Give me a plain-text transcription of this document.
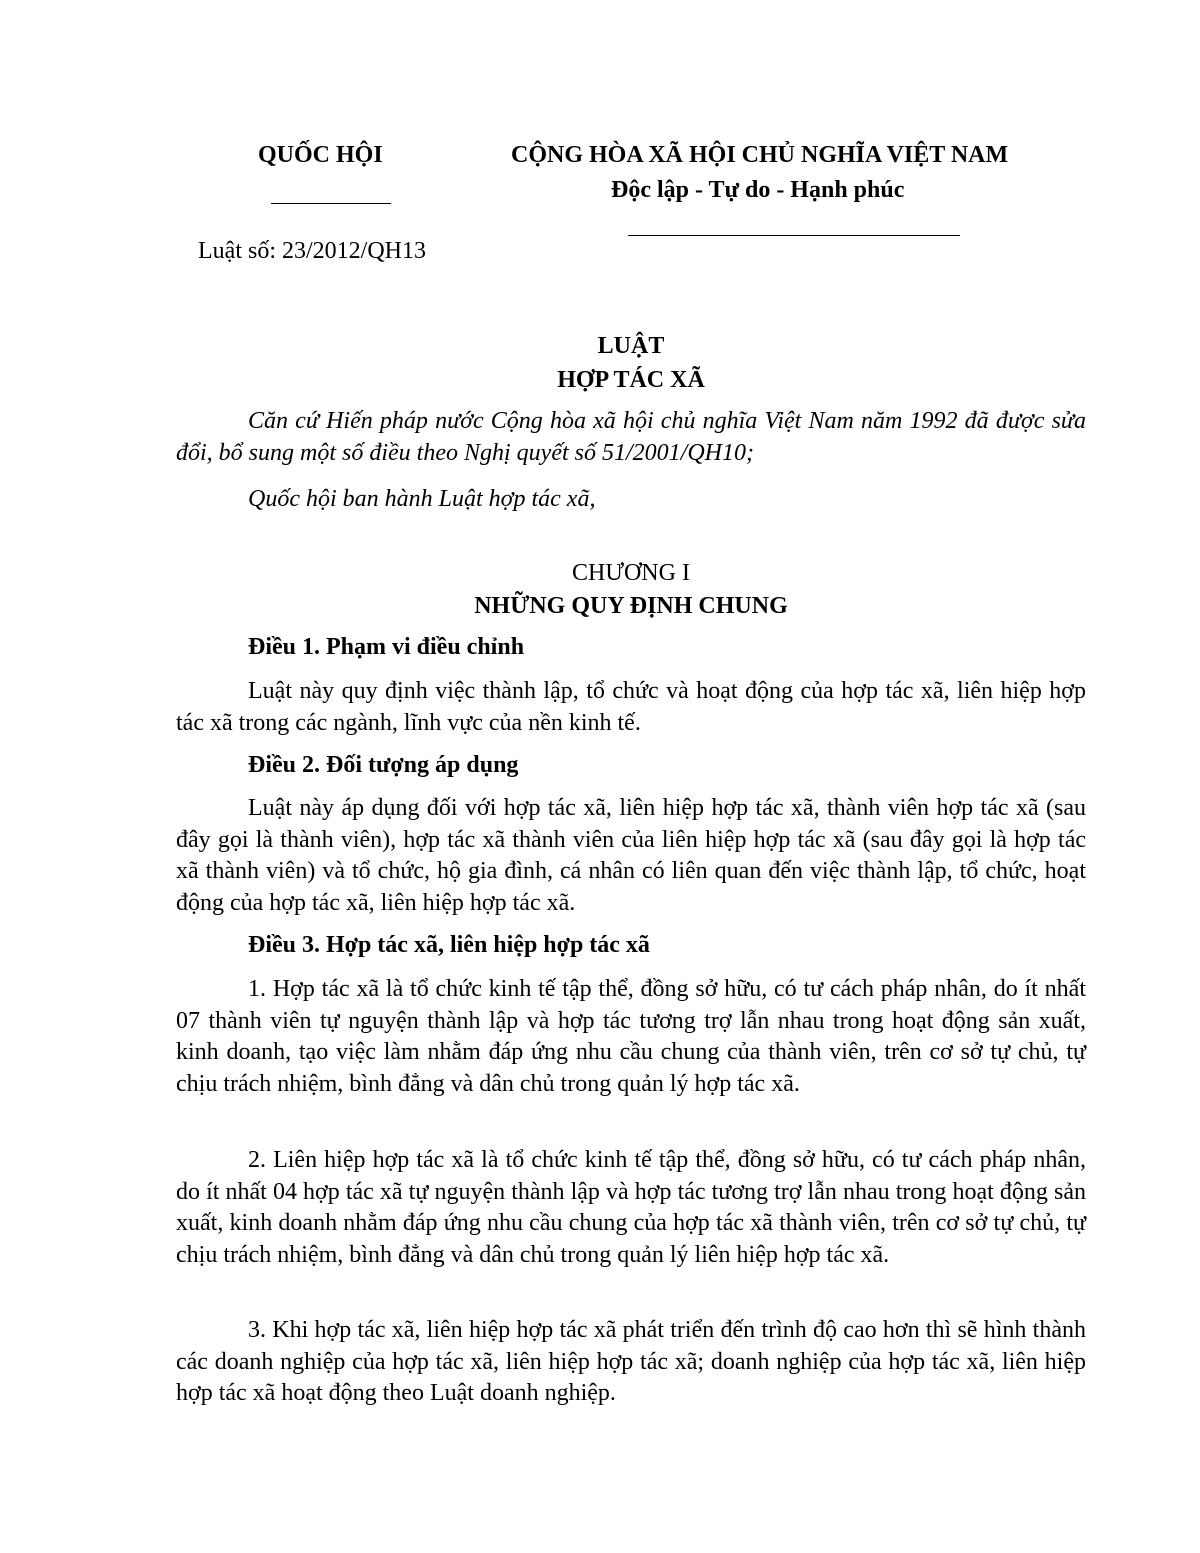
QUỐC HỘI
Luật số: 23/2012/QH13
CỘNG HÒA XÃ HỘI CHỦ NGHĨA VIỆT NAM
Độc lập - Tự do - Hạnh phúc
LUẬT
HỢP TÁC XÃ
Căn cứ Hiến pháp nước Cộng hòa xã hội chủ nghĩa Việt Nam năm 1992 đã được sửa đổi, bổ sung một số điều theo Nghị quyết số 51/2001/QH10;
Quốc hội ban hành Luật hợp tác xã,
CHƯƠNG I
NHỮNG QUY ĐỊNH CHUNG
Điều 1. Phạm vi điều chỉnh
Luật này quy định việc thành lập, tổ chức và hoạt động của hợp tác xã, liên hiệp hợp tác xã trong các ngành, lĩnh vực của nền kinh tế.
Điều 2. Đối tượng áp dụng
Luật này áp dụng đối với hợp tác xã, liên hiệp hợp tác xã, thành viên hợp tác xã (sau đây gọi là thành viên), hợp tác xã thành viên của liên hiệp hợp tác xã (sau đây gọi là hợp tác xã thành viên) và tổ chức, hộ gia đình, cá nhân có liên quan đến việc thành lập, tổ chức, hoạt động của hợp tác xã, liên hiệp hợp tác xã.
Điều 3. Hợp tác xã, liên hiệp hợp tác xã
1. Hợp tác xã là tổ chức kinh tế tập thể, đồng sở hữu, có tư cách pháp nhân, do ít nhất 07 thành viên tự nguyện thành lập và hợp tác tương trợ lẫn nhau trong hoạt động sản xuất, kinh doanh, tạo việc làm nhằm đáp ứng nhu cầu chung của thành viên, trên cơ sở tự chủ, tự chịu trách nhiệm, bình đẳng và dân chủ trong quản lý hợp tác xã.
2. Liên hiệp hợp tác xã là tổ chức kinh tế tập thể, đồng sở hữu, có tư cách pháp nhân, do ít nhất 04 hợp tác xã tự nguyện thành lập và hợp tác tương trợ lẫn nhau trong hoạt động sản xuất, kinh doanh nhằm đáp ứng nhu cầu chung của hợp tác xã thành viên, trên cơ sở tự chủ, tự chịu trách nhiệm, bình đẳng và dân chủ trong quản lý liên hiệp hợp tác xã.
3. Khi hợp tác xã, liên hiệp hợp tác xã phát triển đến trình độ cao hơn thì sẽ hình thành các doanh nghiệp của hợp tác xã, liên hiệp hợp tác xã; doanh nghiệp của hợp tác xã, liên hiệp hợp tác xã hoạt động theo Luật doanh nghiệp.
